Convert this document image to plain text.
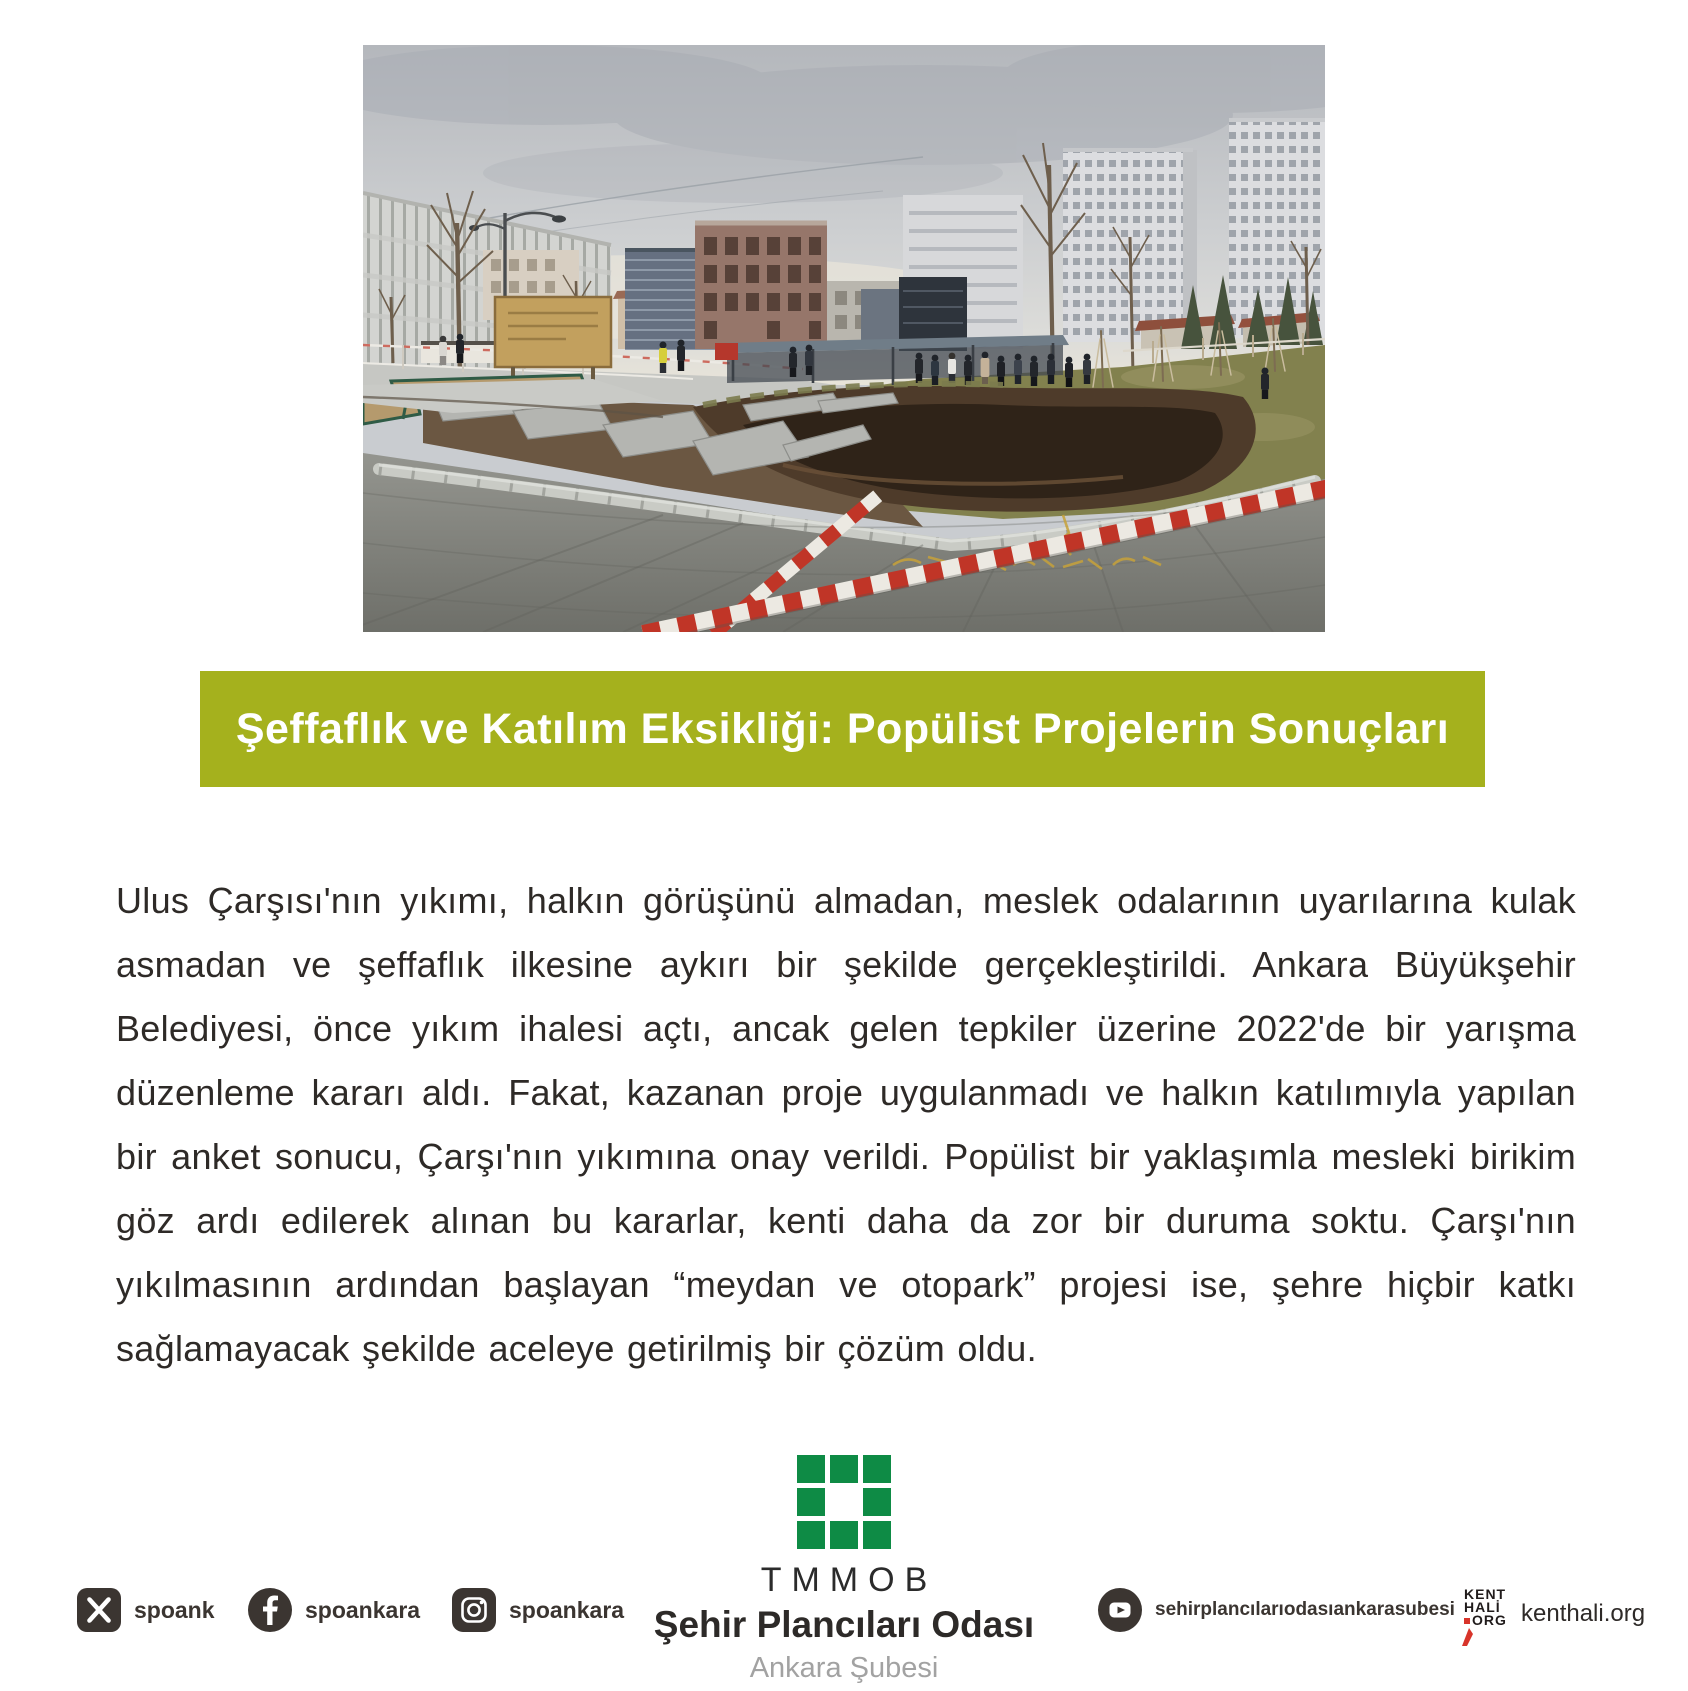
Şeffaflık ve Katılım Eksikliği: Popülist Projelerin Sonuçları

Ulus Çarşısı'nın yıkımı, halkın görüşünü almadan, meslek odalarının uyarılarına kulak asmadan ve şeffaflık ilkesine aykırı bir şekilde gerçekleştirildi. Ankara Büyükşehir Belediyesi, önce yıkım ihalesi açtı, ancak gelen tepkiler üzerine 2022'de bir yarışma düzenleme kararı aldı. Fakat, kazanan proje uygulanmadı ve halkın katılımıyla yapılan bir anket sonucu, Çarşı'nın yıkımına onay verildi. Popülist bir yaklaşımla mesleki birikim göz ardı edilerek alınan bu kararlar, kenti daha da zor bir duruma soktu. Çarşı'nın yıkılmasının ardından başlayan “meydan ve otopark” projesi ise, şehre hiçbir katkı sağlamayacak şekilde aceleye getirilmiş bir çözüm oldu.

TMMOB
Şehir Plancıları Odası
Ankara Şubesi
spoank	spoankara	spoankara	sehirplancılarıodasıankarasubesi
KENT
HALİ
ORG kenthali.org
